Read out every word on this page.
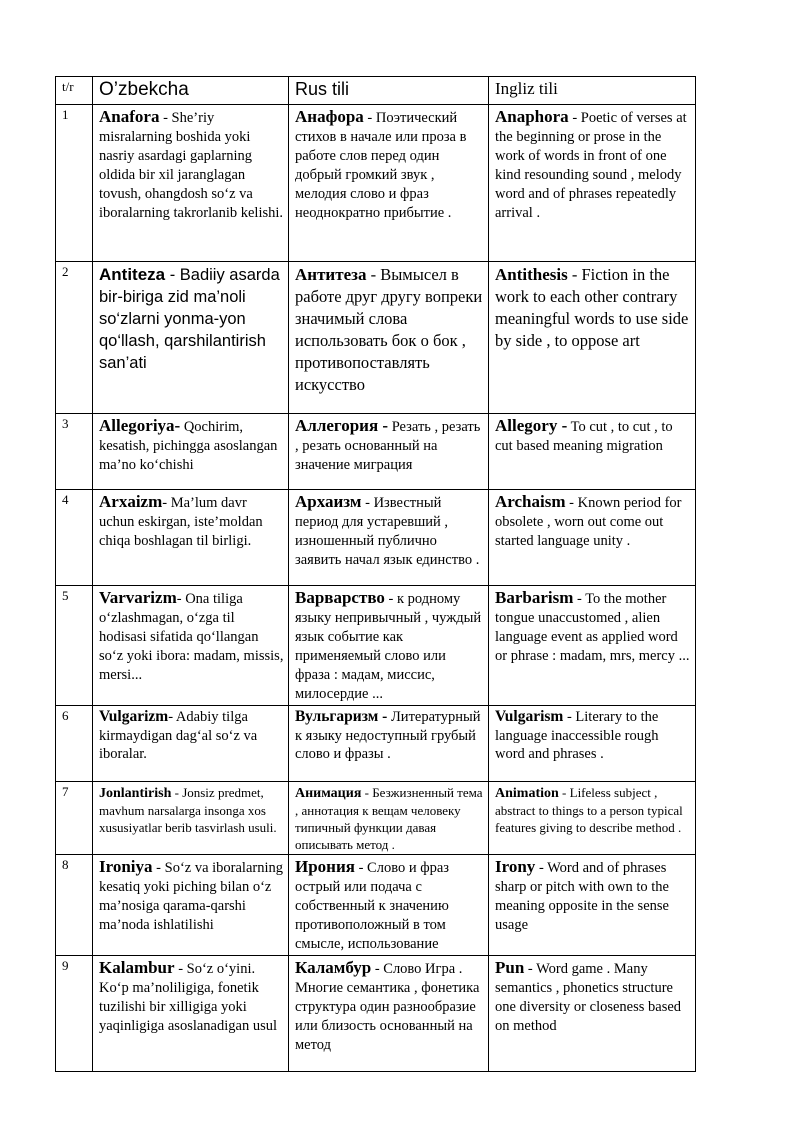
t/r	O’zbekcha	Rus tili	Ingliz tili
1	Anafora - She’riy misralarning boshida yoki nasriy asardagi gaplarning oldida bir xil jaranglagan tovush, ohangdosh so‘z va iboralarning takrorlanib kelishi.	Анафора - Поэтический стихов в начале или проза в работе слов перед один добрый громкий звук , мелодия слово и фраз неоднократно прибытие .	Anaphora - Poetic of verses at the beginning or prose in the work of words in front of one kind resounding sound , melody word and of phrases repeatedly arrival .
2	Antiteza - Badiiy asarda bir-biriga zid ma’noli so‘zlarni yonma-yon qo‘llash, qarshilantirish san’ati	Антитеза - Вымысел в работе друг другу вопреки значимый слова использовать бок о бок , противопоставлять искусство	Antithesis - Fiction in the work to each other contrary meaningful words to use side by side , to oppose art
3	Allegoriya- Qochirim, kesatish, pichingga asoslangan ma’no ko‘chishi	Аллегория - Резать , резать , резать основанный на значение миграция	Allegory - To cut , to cut , to cut based meaning migration
4	Arxaizm- Ma’lum davr uchun eskirgan, iste’moldan chiqa boshlagan til birligi.	Архаизм - Известный период для устаревший , изношенный публично заявить начал язык единство .	Archaism - Known period for obsolete , worn out come out started language unity .
5	Varvarizm- Ona tiliga o‘zlashmagan, o‘zga til hodisasi sifatida qo‘llangan so‘z yoki ibora: madam, missis, mersi...	Варварство - к родному языку непривычный , чуждый язык событие как применяемый слово или фраза : мадам, миссис, милосердие ...	Barbarism - To the mother tongue unaccustomed , alien language event as applied word or phrase : madam, mrs, mercy ...
6	Vulgarizm- Adabiy tilga kirmaydigan dag‘al so‘z va iboralar.	Вульгаризм - Литературный к языку недоступный грубый слово и фразы .	Vulgarism - Literary to the language inaccessible rough word and phrases .
7	Jonlantirish - Jonsiz predmet, mavhum narsalarga insonga xos xususiyatlar berib tasvirlash usuli.	Анимация - Безжизненный тема , аннотация к вещам человеку типичный функции давая описывать метод .	Animation - Lifeless subject , abstract to things to a person typical features giving to describe method .
8	Ironiya - So‘z va iboralarning kesatiq yoki piching bilan o‘z ma’nosiga qarama-qarshi ma’noda ishlatilishi	Ирония - Слово и фраз острый или подача с собственный к значению противоположный в том смысле, использование	Irony - Word and of phrases sharp or pitch with own to the meaning opposite in the sense usage
9	Kalambur - So‘z o‘yini. Ko‘p ma’noliligiga, fonetik tuzilishi bir xilligiga yoki yaqinligiga asoslanadigan usul	Каламбур - Слово Игра . Многие семантика , фонетика структура один разнообразие или близость основанный на метод	Pun - Word game . Many semantics , phonetics structure one diversity or closeness based on method
